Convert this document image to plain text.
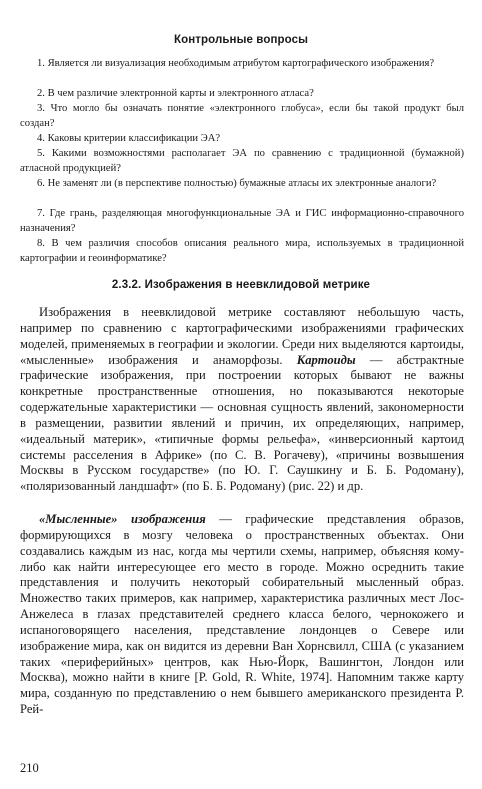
Контрольные вопросы
1. Является ли визуализация необходимым атрибутом картографического изображения?
2. В чем различие электронной карты и электронного атласа?
3. Что могло бы означать понятие «электронного глобуса», если бы такой продукт был создан?
4. Каковы критерии классификации ЭА?
5. Какими возможностями располагает ЭА по сравнению с традиционной (бумажной) атласной продукцией?
6. Не заменят ли (в перспективе полностью) бумажные атласы их электронные аналоги?
7. Где грань, разделяющая многофункциональные ЭА и ГИС информационно-справочного назначения?
8. В чем различия способов описания реального мира, используемых в традиционной картографии и геоинформатике?
2.3.2. Изображения в неевклидовой метрике
Изображения в неевклидовой метрике составляют небольшую часть, например по сравнению с картографическими изображениями графических моделей, применяемых в географии и экологии. Среди них выделяются картоиды, «мысленные» изображения и анаморфозы. Картоиды — абстрактные графические изображения, при построении которых бывают не важны конкретные пространственные отношения, но показываются некоторые содержательные характеристики — основная сущность явлений, закономерности в размещении, развитии явлений и причин, их определяющих, например, «идеальный материк», «типичные формы рельефа», «инверсионный картоид системы расселения в Африке» (по С. В. Рогачеву), «причины возвышения Москвы в Русском государстве» (по Ю. Г. Саушкину и Б. Б. Родоману), «поляризованный ландшафт» (по Б. Б. Родоману) (рис. 22) и др.
«Мысленные» изображения — графические представления образов, формирующихся в мозгу человека о пространственных объектах. Они создавались каждым из нас, когда мы чертили схемы, например, объясняя кому-либо как найти интересующее его место в городе. Можно осреднить такие представления и получить некоторый собирательный мысленный образ. Множество таких примеров, как например, характеристика различных мест Лос-Анжелеса в глазах представителей среднего класса белого, чернокожего и испаноговорящего населения, представление лондонцев о Севере или изображение мира, как он видится из деревни Ван Хорнсвилл, США (с указанием таких «периферийных» центров, как Нью-Йорк, Вашингтон, Лондон или Москва), можно найти в книге [P. Gold, R. White, 1974]. Напомним также карту мира, созданную по представлению о нем бывшего американского президента Р. Рей-
210
